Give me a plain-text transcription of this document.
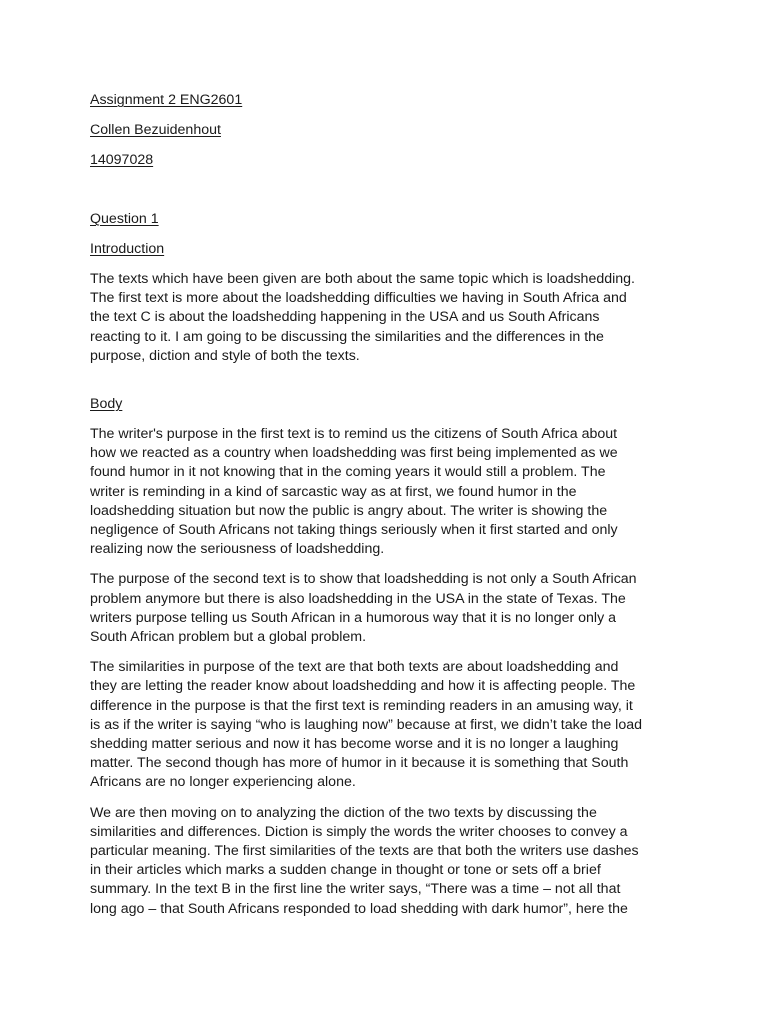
Assignment 2 ENG2601

Collen Bezuidenhout

14097028

Question 1

Introduction

The texts which have been given are both about the same topic which is loadshedding.
The first text is more about the loadshedding difficulties we having in South Africa and
the text C is about the loadshedding happening in the USA and us South Africans
reacting to it. I am going to be discussing the similarities and the differences in the
purpose, diction and style of both the texts.

Body

The writer's purpose in the first text is to remind us the citizens of South Africa about
how we reacted as a country when loadshedding was first being implemented as we
found humor in it not knowing that in the coming years it would still a problem. The
writer is reminding in a kind of sarcastic way as at first, we found humor in the
loadshedding situation but now the public is angry about. The writer is showing the
negligence of South Africans not taking things seriously when it first started and only
realizing now the seriousness of loadshedding.

The purpose of the second text is to show that loadshedding is not only a South African
problem anymore but there is also loadshedding in the USA in the state of Texas. The
writers purpose telling us South African in a humorous way that it is no longer only a
South African problem but a global problem.

The similarities in purpose of the text are that both texts are about loadshedding and
they are letting the reader know about loadshedding and how it is affecting people. The
difference in the purpose is that the first text is reminding readers in an amusing way, it
is as if the writer is saying “who is laughing now” because at first, we didn’t take the load
shedding matter serious and now it has become worse and it is no longer a laughing
matter. The second though has more of humor in it because it is something that South
Africans are no longer experiencing alone.

We are then moving on to analyzing the diction of the two texts by discussing the
similarities and differences. Diction is simply the words the writer chooses to convey a
particular meaning. The first similarities of the texts are that both the writers use dashes
in their articles which marks a sudden change in thought or tone or sets off a brief
summary. In the text B in the first line the writer says, “There was a time – not all that
long ago – that South Africans responded to load shedding with dark humor”, here the
